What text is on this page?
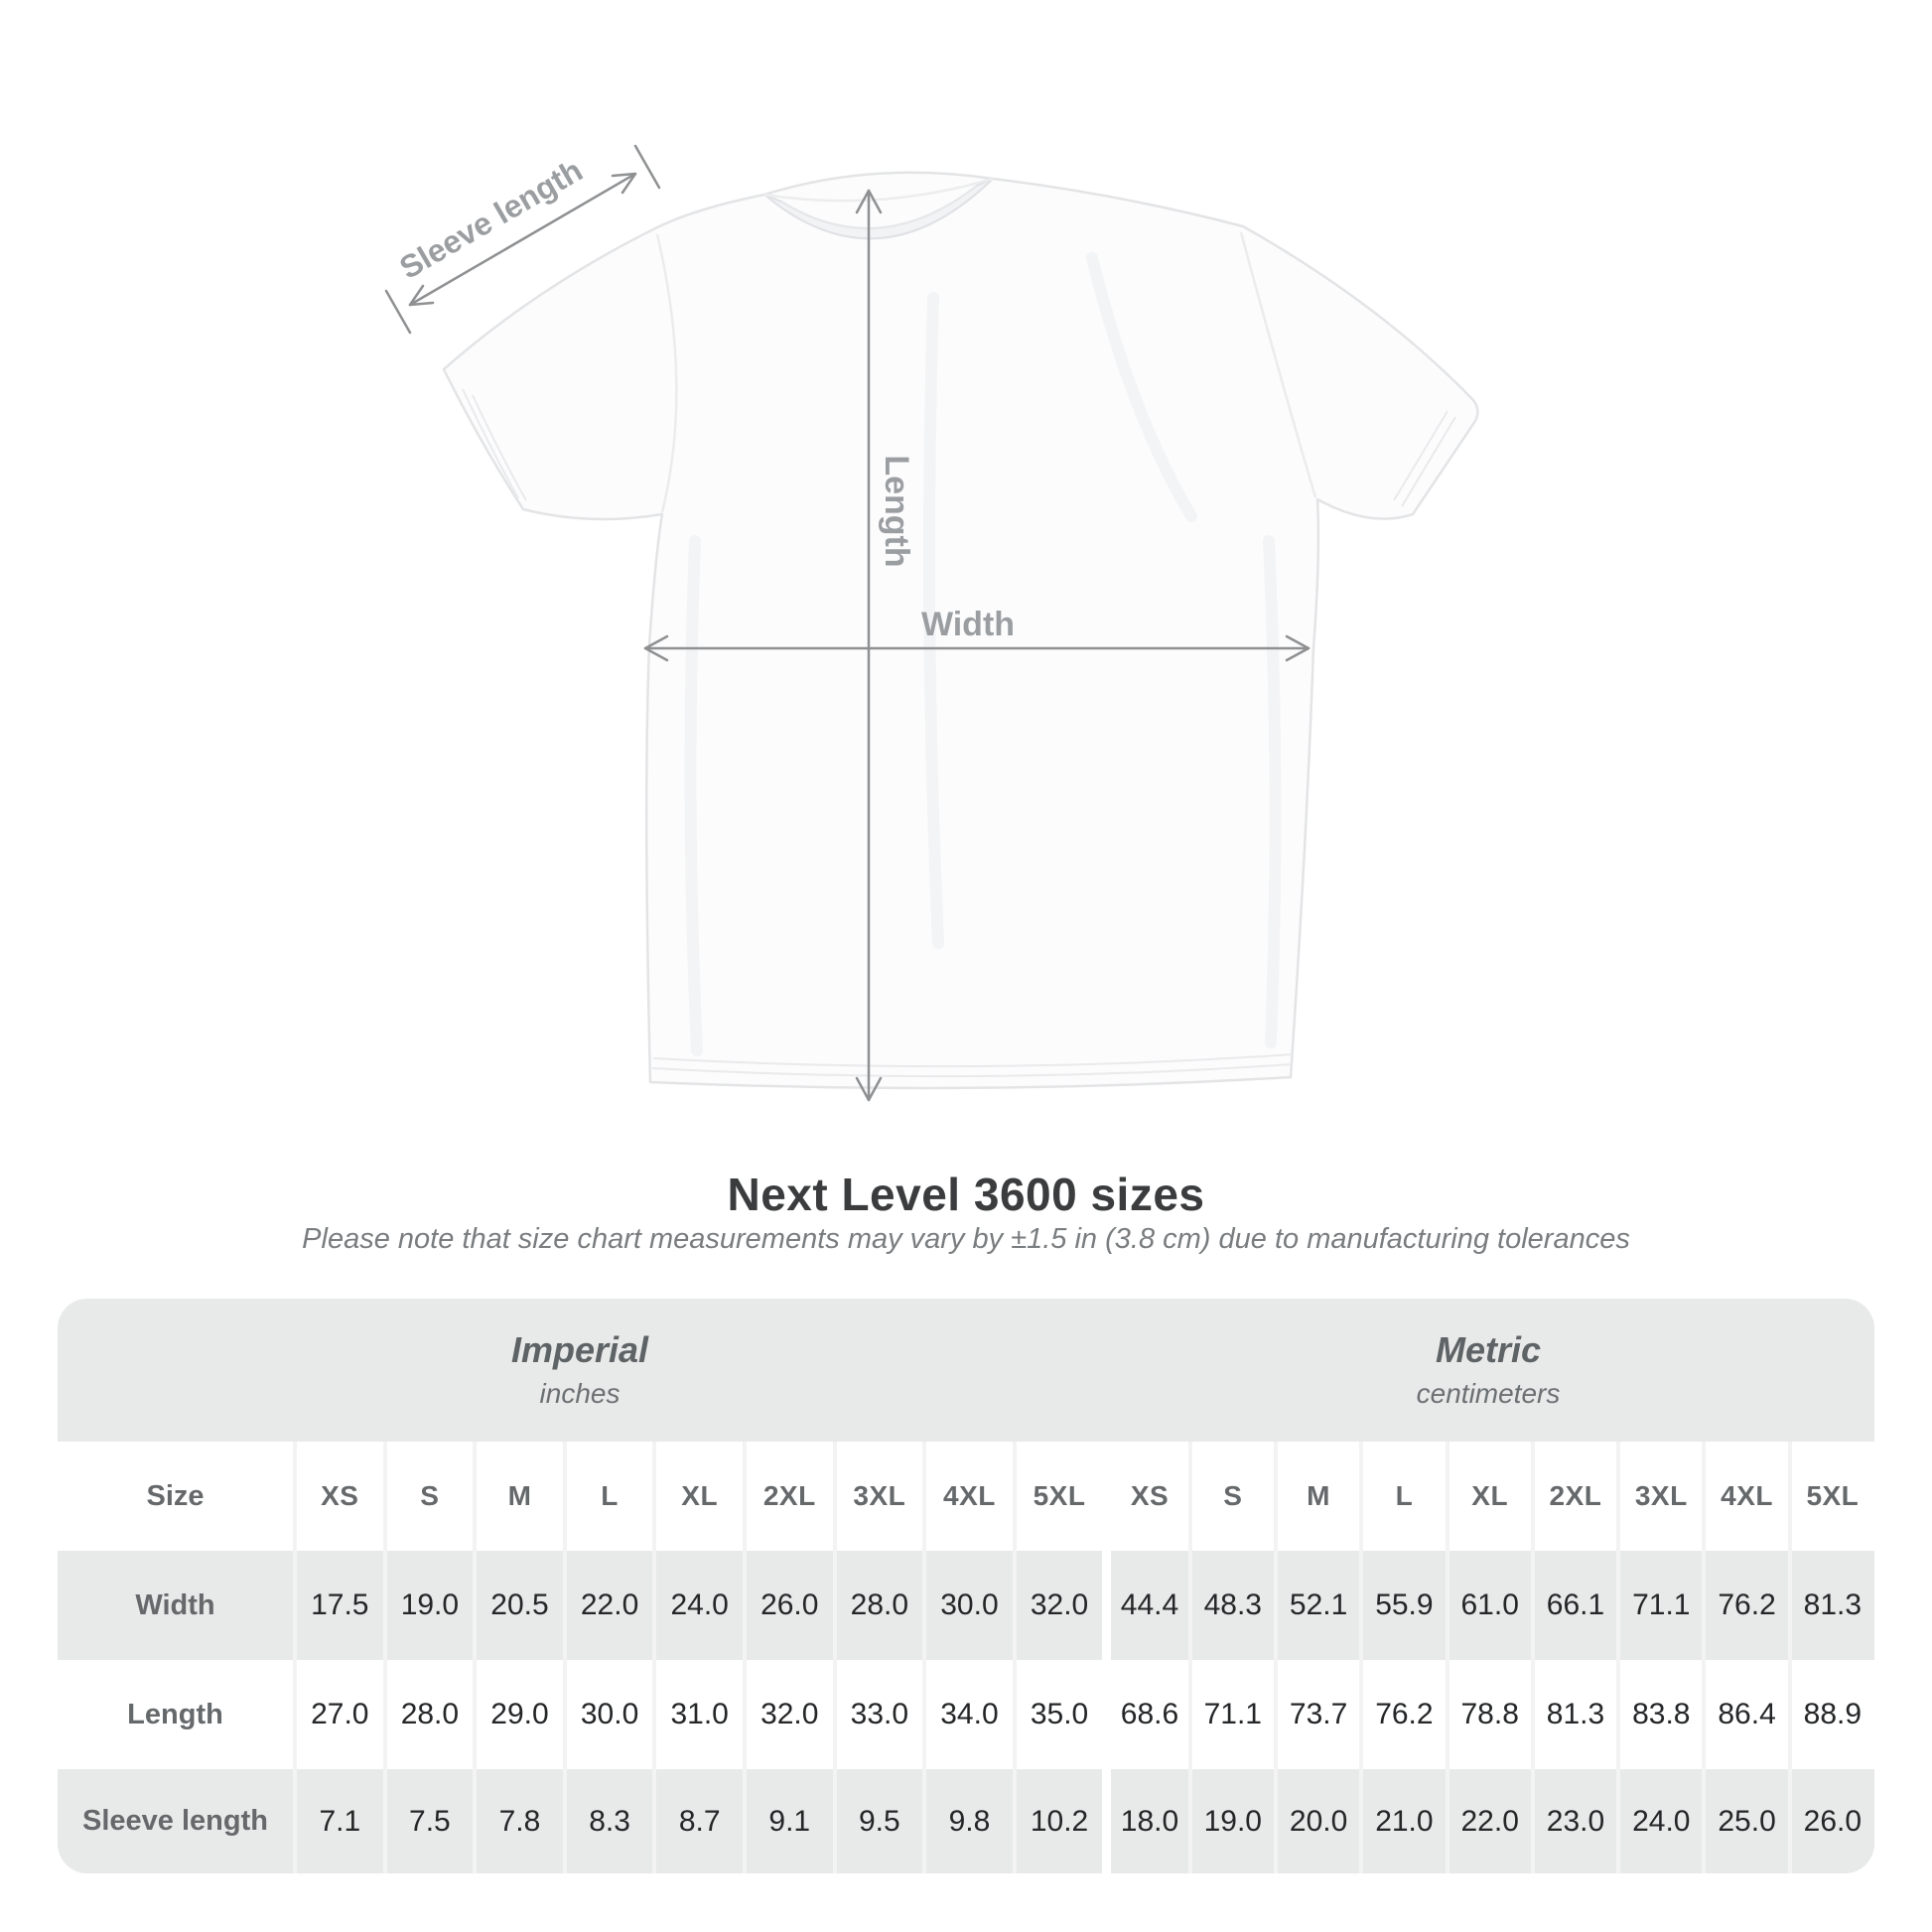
Sleeve length
Length
Width
Next Level 3600 sizes
Please note that size chart measurements may vary by ±1.5 in (3.8 cm) due to manufacturing tolerances
Imperial
inches
Metric
centimeters
Size	XS	S	M	L	XL	2XL	3XL	4XL	5XL	XS	S	M	L	XL	2XL	3XL	4XL	5XL
Width	17.5	19.0	20.5	22.0	24.0	26.0	28.0	30.0	32.0	44.4 48.3 52.1 55.9 61.0 66.1 71.1 76.2 81.3
Length	27.0	28.0	29.0	30.0	31.0	32.0	33.0	34.0	35.0	68.6 71.1 73.7 76.2 78.8 81.3 83.8 86.4 88.9
Sleeve length	7.1	7.5	7.8	8.3	8.7	9.1	9.5	9.8	10.2	18.0 19.0 20.0 21.0 22.0 23.0 24.0 25.0 26.0
